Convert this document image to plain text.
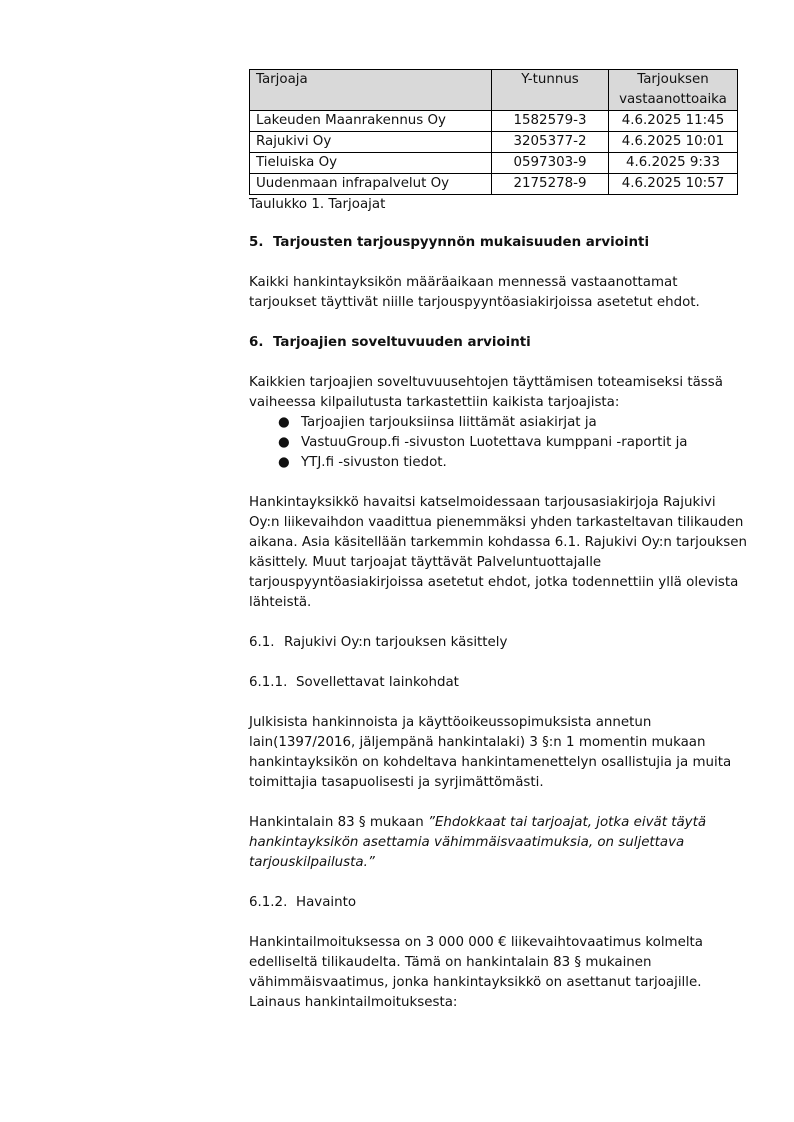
Tarjoaja	Y-tunnus	Tarjouksen vastaanottoaika
Lakeuden Maanrakennus Oy	1582579-3	4.6.2025 11:45
Rajukivi Oy	3205377-2	4.6.2025 10:01
Tieluiska Oy	0597303-9	4.6.2025 9:33
Uudenmaan infrapalvelut Oy	2175278-9	4.6.2025 10:57

Taulukko 1. Tarjoajat

5. Tarjousten tarjouspyynnön mukaisuuden arviointi

Kaikki hankintayksikön määräaikaan mennessä vastaanottamat tarjoukset täyttivät niille tarjouspyyntöasiakirjoissa asetetut ehdot.

6. Tarjoajien soveltuvuuden arviointi

Kaikkien tarjoajien soveltuvuusehtojen täyttämisen toteamiseksi tässä vaiheessa kilpailutusta tarkastettiin kaikista tarjoajista:

● Tarjoajien tarjouksiinsa liittämät asiakirjat ja
● VastuuGroup.fi -sivuston Luotettava kumppani -raportit ja
● YTJ.fi -sivuston tiedot.

Hankintayksikkö havaitsi katselmoidessaan tarjousasiakirjoja Rajukivi Oy:n liikevaihdon vaadittua pienemmäksi yhden tarkasteltavan tilikauden aikana. Asia käsitellään tarkemmin kohdassa 6.1. Rajukivi Oy:n tarjouksen käsittely. Muut tarjoajat täyttävät Palveluntuottajalle tarjouspyyntöasiakirjoissa asetetut ehdot, jotka todennettiin yllä olevista lähteistä.

6.1. Rajukivi Oy:n tarjouksen käsittely

6.1.1. Sovellettavat lainkohdat

Julkisista hankinnoista ja käyttöoikeussopimuksista annetun lain(1397/2016, jäljempänä hankintalaki) 3 §:n 1 momentin mukaan hankintayksikön on kohdeltava hankintamenettelyn osallistujia ja muita toimittajia tasapuolisesti ja syrjimättömästi.

Hankintalain 83 § mukaan ”Ehdokkaat tai tarjoajat, jotka eivät täytä hankintayksikön asettamia vähimmäisvaatimuksia, on suljettava tarjouskilpailusta.”

6.1.2. Havainto

Hankintailmoituksessa on 3 000 000 € liikevaihtovaatimus kolmelta edelliseltä tilikaudelta. Tämä on hankintalain 83 § mukainen vähimmäisvaatimus, jonka hankintayksikkö on asettanut tarjoajille. Lainaus hankintailmoituksesta:
